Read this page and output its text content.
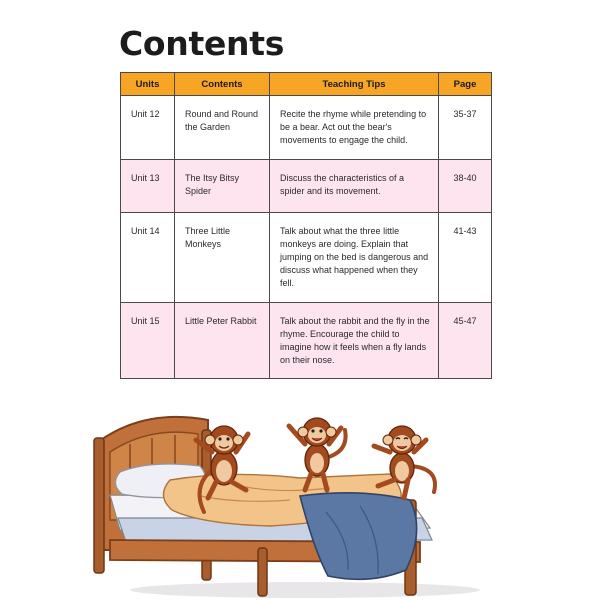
Contents
Units	Contents	Teaching Tips	Page
Unit 12	Round and Round the Garden	Recite the rhyme while pretending to be a bear. Act out the bear's movements to engage the child.	35-37
Unit 13	The Itsy Bitsy Spider	Discuss the characteristics of a spider and its movement.	38-40
Unit 14	Three Little Monkeys	Talk about what the three little monkeys are doing. Explain that jumping on the bed is dangerous and discuss what happened when they fell.	41-43
Unit 15	Little Peter Rabbit	Talk about the rabbit and the fly in the rhyme. Encourage the child to imagine how it feels when a fly lands on their nose.	45-47
